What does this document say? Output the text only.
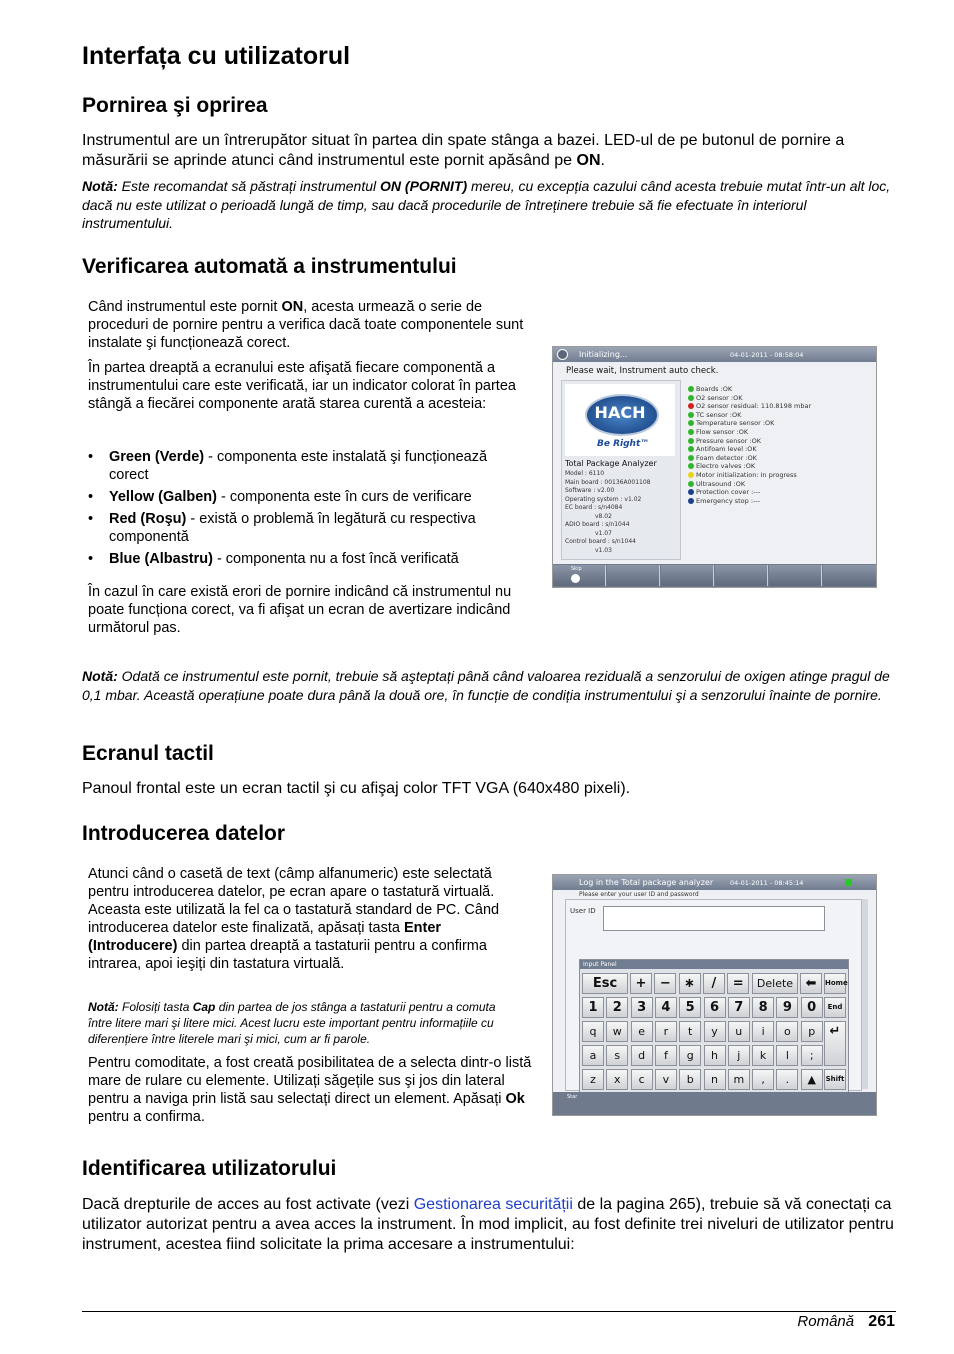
Interfața cu utilizatorul
Pornirea şi oprirea

Instrumentul are un întrerupător situat în partea din spate stânga a bazei. LED-ul de pe butonul de pornire a măsurării se aprinde atunci când instrumentul este pornit apăsând pe ON.

Notă: Este recomandat să păstrați instrumentul ON (PORNIT) mereu, cu excepția cazului când acesta trebuie mutat într-un alt loc, dacă nu este utilizat o perioadă lungă de timp, sau dacă procedurile de întreținere trebuie să fie efectuate în interiorul instrumentului.

Verificarea automată a instrumentului

Când instrumentul este pornit ON, acesta urmează o serie de proceduri de pornire pentru a verifica dacă toate componentele sunt instalate şi funcționează corect.

În partea dreaptă a ecranului este afişată fiecare componentă a instrumentului care este verificată, iar un indicator colorat în partea stângă a fiecărei componente arată starea curentă a acesteia:

• Green (Verde) - componenta este instalată şi funcționează corect
• Yellow (Galben) - componenta este în curs de verificare
• Red (Roşu) - există o problemă în legătură cu respectiva componentă
• Blue (Albastru) - componenta nu a fost încă verificată

În cazul în care există erori de pornire indicând că instrumentul nu poate funcționa corect, va fi afişat un ecran de avertizare indicând următorul pas.

Initializing...	04-01-2011 - 08:58:04
Please wait, Instrument auto check.
HACH
Be Right™
Total Package Analyzer
Model : 6110
Main board : 00136A001108
Software : v2.00
Operating system : v1.02
EC board : s/n4084
v8.02
ADIO board : s/n1044
v1.07
Control board : s/n1044
v1.03
Boards :OK
O2 sensor :OK
O2 sensor residual: 110.8198 mbar
TC sensor :OK
Temperature sensor :OK
Flow sensor :OK
Pressure sensor :OK
Antifoam level :OK
Foam detector :OK
Electro valves :OK
Motor initialization: In progress
Ultrasound :OK
Protection cover :---
Emergency stop :---
Skip

Notă: Odată ce instrumentul este pornit, trebuie să aşteptați până când valoarea reziduală a senzorului de oxigen atinge pragul de 0,1 mbar. Această operațiune poate dura până la două ore, în funcție de condiția instrumentului şi a senzorului înainte de pornire.

Ecranul tactil

Panoul frontal este un ecran tactil şi cu afişaj color TFT VGA (640x480 pixeli).

Introducerea datelor

Atunci când o casetă de text (câmp alfanumeric) este selectată pentru introducerea datelor, pe ecran apare o tastatură virtuală. Aceasta este utilizată la fel ca o tastatură standard de PC. Când introducerea datelor este finalizată, apăsați tasta Enter (Introducere) din partea dreaptă a tastaturii pentru a confirma intrarea, apoi ieşiți din tastatura virtuală.

Notă: Folosiți tasta Cap din partea de jos stânga a tastaturii pentru a comuta între litere mari şi litere mici. Acest lucru este important pentru informațiile cu diferențiere între literele mari şi mici, cum ar fi parole.

Pentru comoditate, a fost creată posibilitatea de a selecta dintr-o listă mare de rulare cu elemente. Utilizați săgețile sus şi jos din lateral pentru a naviga prin listă sau selectați direct un element. Apăsați Ok pentru a confirma.

Log in the Total package analyzer	04-01-2011 - 08:45:14
Please enter your user ID and password
User ID
Input Panel
Esc	+	−	∗	/	=	Delete ⬅	Home
1	2	3	4	5	6	7	8	9	0	End
q	w	e	r	t	y	u	i	o	p
a	s	d	f	g	h	j	k	l	;
↵
z	x	c	v	b	n	m	,	.	▲	Shift
Star
Identificarea utilizatorului

Dacă drepturile de acces au fost activate (vezi Gestionarea securității de la pagina 265), trebuie să vă conectați ca utilizator autorizat pentru a avea acces la instrument. În mod implicit, au fost definite trei niveluri de utilizator pentru instrument, acestea fiind solicitate la prima accesare a instrumentului:

Română 261
